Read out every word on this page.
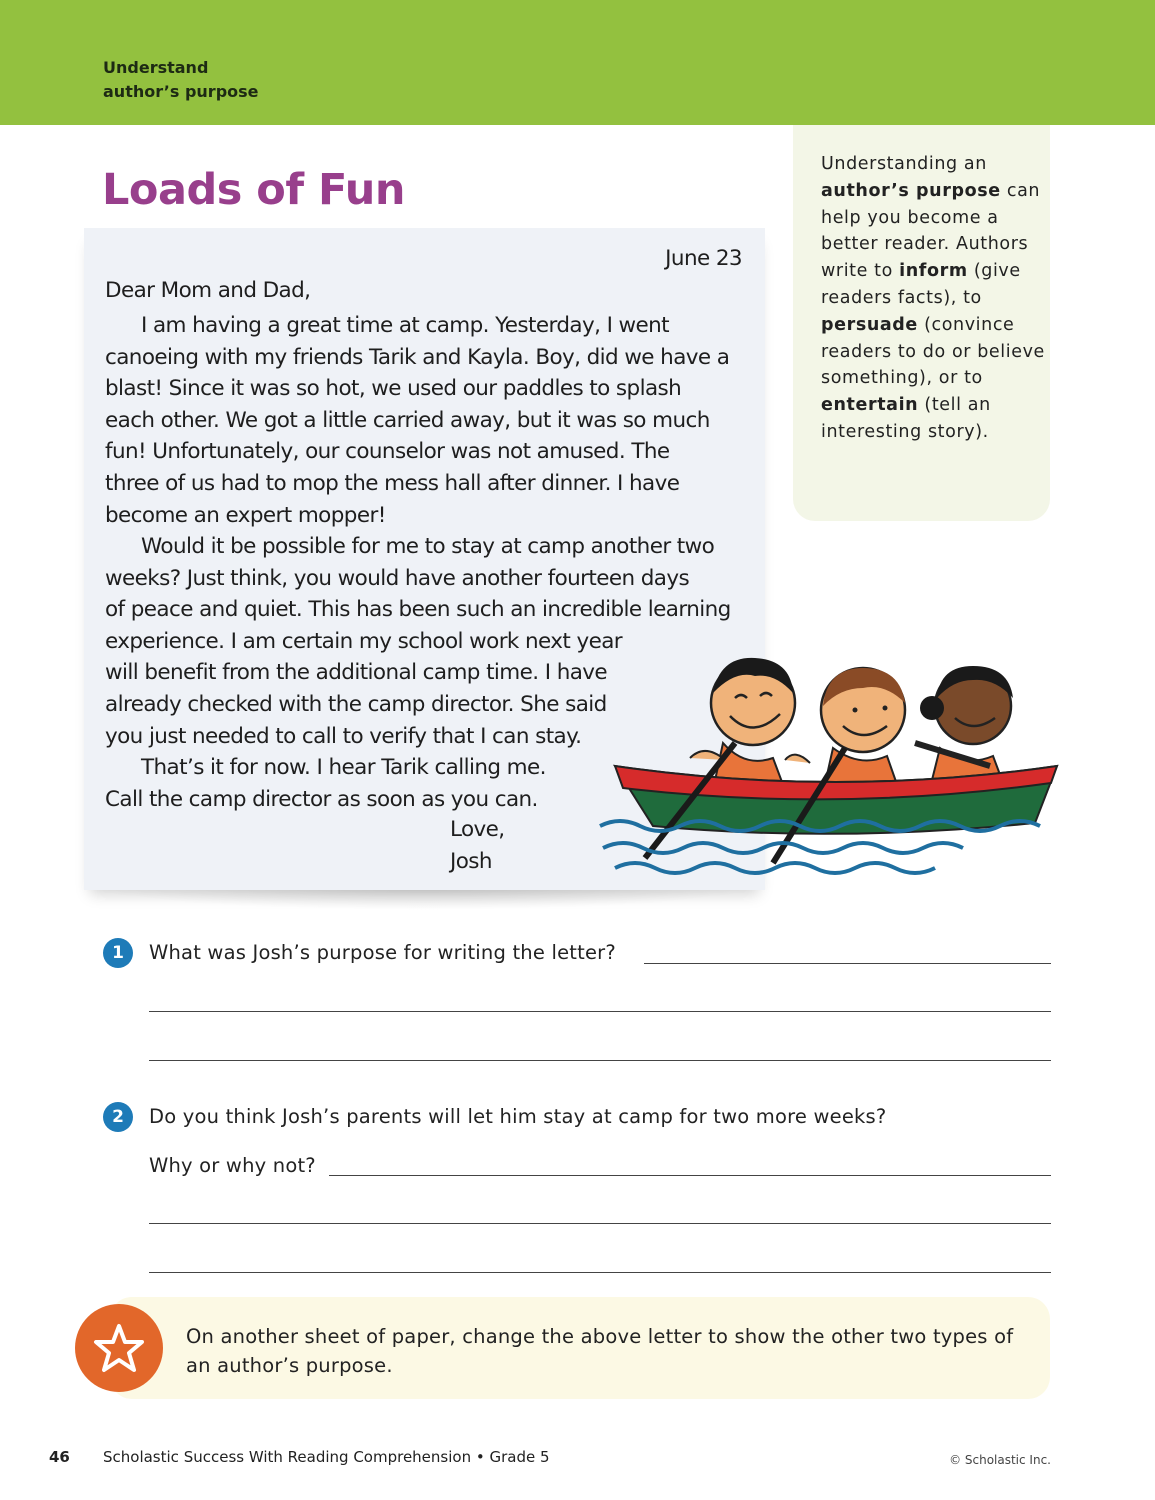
Understand
author’s purpose
Loads of Fun
Understanding an author’s purpose can help you become a better reader. Authors write to inform (give readers facts), to persuade (convince readers to do or believe something), or to entertain (tell an interesting story).
June 23
Dear Mom and Dad,
I am having a great time at camp. Yesterday, I went
canoeing with my friends Tarik and Kayla. Boy, did we have a
blast! Since it was so hot, we used our paddles to splash
each other. We got a little carried away, but it was so much
fun! Unfortunately, our counselor was not amused. The
three of us had to mop the mess hall after dinner. I have
become an expert mopper!
Would it be possible for me to stay at camp another two
weeks? Just think, you would have another fourteen days
of peace and quiet. This has been such an incredible learning
experience. I am certain my school work next year
will benefit from the additional camp time. I have
already checked with the camp director. She said
you just needed to call to verify that I can stay.
That’s it for now. I hear Tarik calling me.
Call the camp director as soon as you can.
Love,
Josh
1	What was Josh’s purpose for writing the letter?
2	Do you think Josh’s parents will let him stay at camp for two more weeks?
Why or why not?
On another sheet of paper, change the above letter to show the other two types of an author’s purpose.
46 Scholastic Success With Reading Comprehension • Grade 5	© Scholastic Inc.
